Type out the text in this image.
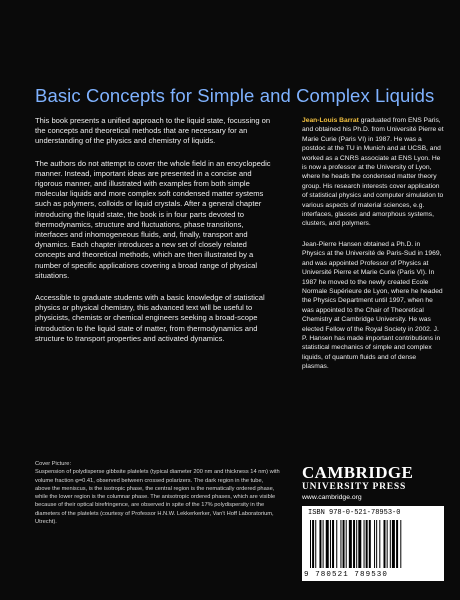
Basic Concepts for Simple and Complex Liquids

This book presents a unified approach to the liquid state, focussing on the concepts and theoretical methods that are necessary for an understanding of the physics and chemistry of liquids.

The authors do not attempt to cover the whole field in an encyclopedic manner. Instead, important ideas are presented in a concise and rigorous manner, and illustrated with examples from both simple molecular liquids and more complex soft condensed matter systems such as polymers, colloids or liquid crystals. After a general chapter introducing the liquid state, the book is in four parts devoted to thermodynamics, structure and fluctuations, phase transitions, interfaces and inhomogeneous fluids, and, finally, transport and dynamics. Each chapter introduces a new set of closely related concepts and theoretical methods, which are then illustrated by a number of specific applications covering a broad range of physical situations.

Accessible to graduate students with a basic knowledge of statistical physics or physical chemistry, this advanced text will be useful to physicists, chemists or chemical engineers seeking a broad-scope introduction to the liquid state of matter, from thermodynamics and structure to transport properties and activated dynamics.

Jean-Louis Barrat graduated from ENS Paris, and obtained his Ph.D. from Université Pierre et Marie Curie (Paris VI) in 1987. He was a postdoc at the TU in Munich and at UCSB, and worked as a CNRS associate at ENS Lyon. He is now a professor at the University of Lyon, where he heads the condensed matter theory group. His research interests cover application of statistical physics and computer simulation to various aspects of material sciences, e.g. interfaces, glasses and amorphous systems, clusters, and polymers.

Jean-Pierre Hansen obtained a Ph.D. in Physics at the Université de Paris-Sud in 1969, and was appointed Professor of Physics at Université Pierre et Marie Curie (Paris VI). In 1987 he moved to the newly created Ecole Normale Supérieure de Lyon, where he headed the Physics Department until 1997, when he was appointed to the Chair of Theoretical Chemistry at Cambridge University. He was elected Fellow of the Royal Society in 2002. J. P. Hansen has made important contributions in statistical mechanics of simple and complex liquids, of quantum fluids and of dense plasmas.

Cover Picture:
Suspension of polydisperse gibbsite platelets (typical diameter 200 nm and thickness 14 nm) with volume fraction φ=0.41, observed between crossed polarizers. The dark region in the tube, above the meniscus, is the isotropic phase, the central region is the nematically ordered phase, while the lower region is the columnar phase. The anisotropic ordered phases, which are visible because of their optical birefringence, are observed in spite of the 17% polydispersity in the diameters of the platelets (courtesy of Professor H.N.W. Lekkerkerker, Van't Hoff Laboratorium, Utrecht).
CAMBRIDGE
UNIVERSITY PRESS
www.cambridge.org
ISBN 978-0-521-78953-0
9 780521 789530
